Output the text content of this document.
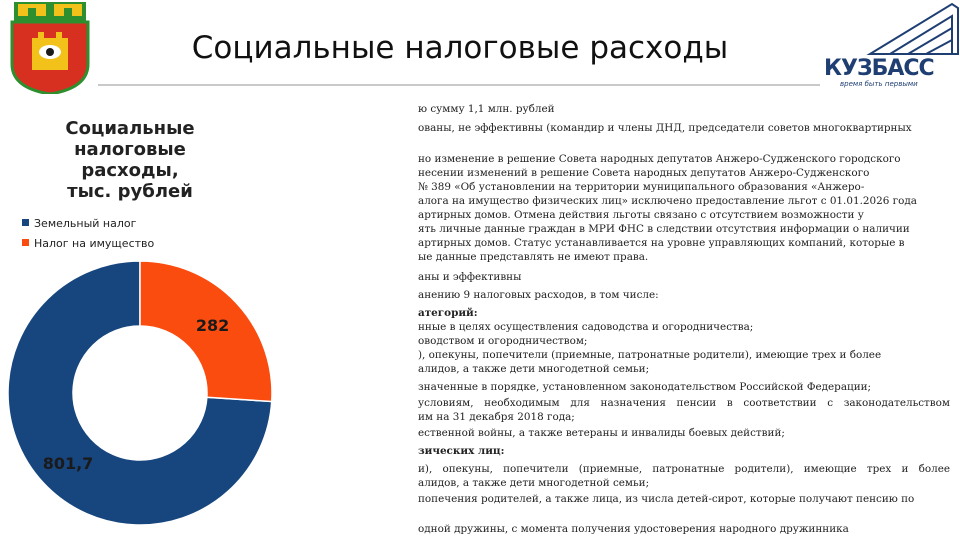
Социальные налоговые расходы
КУЗБАСС
время быть первыми
ю сумму 1,1 млн. рублей
ованы, не эффективны (командир и члены ДНД, председатели советов многоквартирных
но изменение в решение Совета народных депутатов Анжеро-Судженского городского
несении изменений в решение Совета народных депутатов Анжеро-Судженского
№ 389 «Об установлении на территории муниципального образования «Анжеро-
алога на имущество физических лиц» исключено предоставление льгот с 01.01.2026 года
артирных домов. Отмена действия льготы связано с отсутствием возможности у
ять личные данные граждан в МРИ ФНС в следствии отсутствия информации о наличии
артирных домов. Статус устанавливается на уровне управляющих компаний, которые в
ые данные представлять не имеют права.
аны и эффективны
анению 9 налоговых расходов, в том числе:
атегорий:
нные в целях осуществления садоводства и огородничества;
оводством и огородничеством;
), опекуны, попечители (приемные, патронатные родители), имеющие трех и более
алидов, а также дети многодетной семьи;
значенные в порядке, установленном законодательством Российской Федерации;
условиям, необходимым для назначения пенсии в соответствии с законодательством
им на 31 декабря 2018 года;
ественной войны, а также ветераны и инвалиды боевых действий;
зических лиц:
и), опекуны, попечители (приемные, патронатные родители), имеющие трех и более
алидов, а также дети многодетной семьи;
попечения родителей, а также лица, из числа детей-сирот, которые получают пенсию по
одной дружины, с момента получения удостоверения народного дружинника
Социальные
налоговые
расходы,
тыс. рублей
Земельный налог
Налог на имущество
801,7
282
